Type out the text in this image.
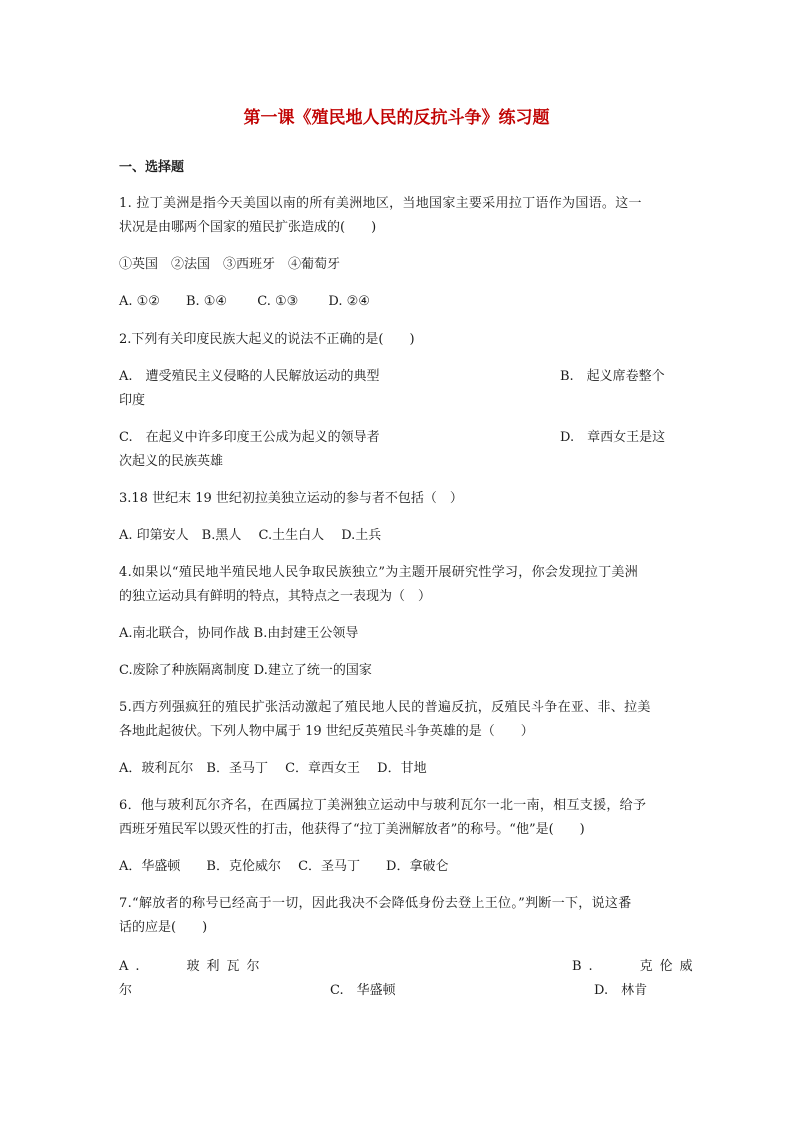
第一课《殖民地人民的反抗斗争》练习题
一、选择题
1. 拉丁美洲是指今天美国以南的所有美洲地区，当地国家主要采用拉丁语作为国语。这一
状况是由哪两个国家的殖民扩张造成的(　　)
①英国　②法国　③西班牙　④葡萄牙
A. ①②　　B. ①④　　 C. ①③　　 D. ②④
2.下列有关印度民族大起义的说法不正确的是(　　)
A.　遭受殖民主义侵略的人民解放运动的典型	B.　起义席卷整个
印度
C.　在起义中许多印度王公成为起义的领导者	D.　章西女王是这
次起义的民族英雄
3.18 世纪末 19 世纪初拉美独立运动的参与者不包括（　）
A. 印第安人　B.黑人　 C.土生白人　 D.土兵
4.如果以“殖民地半殖民地人民争取民族独立”为主题开展研究性学习，你会发现拉丁美洲
的独立运动具有鲜明的特点，其特点之一表现为（　）
A.南北联合，协同作战 B.由封建王公领导
C.废除了种族隔离制度 D.建立了统一的国家
5.西方列强疯狂的殖民扩张活动激起了殖民地人民的普遍反抗，反殖民斗争在亚、非、拉美
各地此起彼伏。下列人物中属于 19 世纪反英殖民斗争英雄的是（　　）
A．玻利瓦尔　B．圣马丁　 C．章西女王　 D．甘地
6．他与玻利瓦尔齐名，在西属拉丁美洲独立运动中与玻利瓦尔一北一南，相互支援，给予
西班牙殖民军以毁灭性的打击，他获得了“拉丁美洲解放者”的称号。“他”是(　　)
A．华盛顿　　B．克伦威尔　 C．圣马丁　　D．拿破仑
7.“解放者的称号已经高于一切，因此我决不会降低身份去登上王位。”判断一下，说这番
话的应是(　　)
A.　　玻利瓦尔	B.　　克伦威
尔	C.　华盛顿	D.　林肯
